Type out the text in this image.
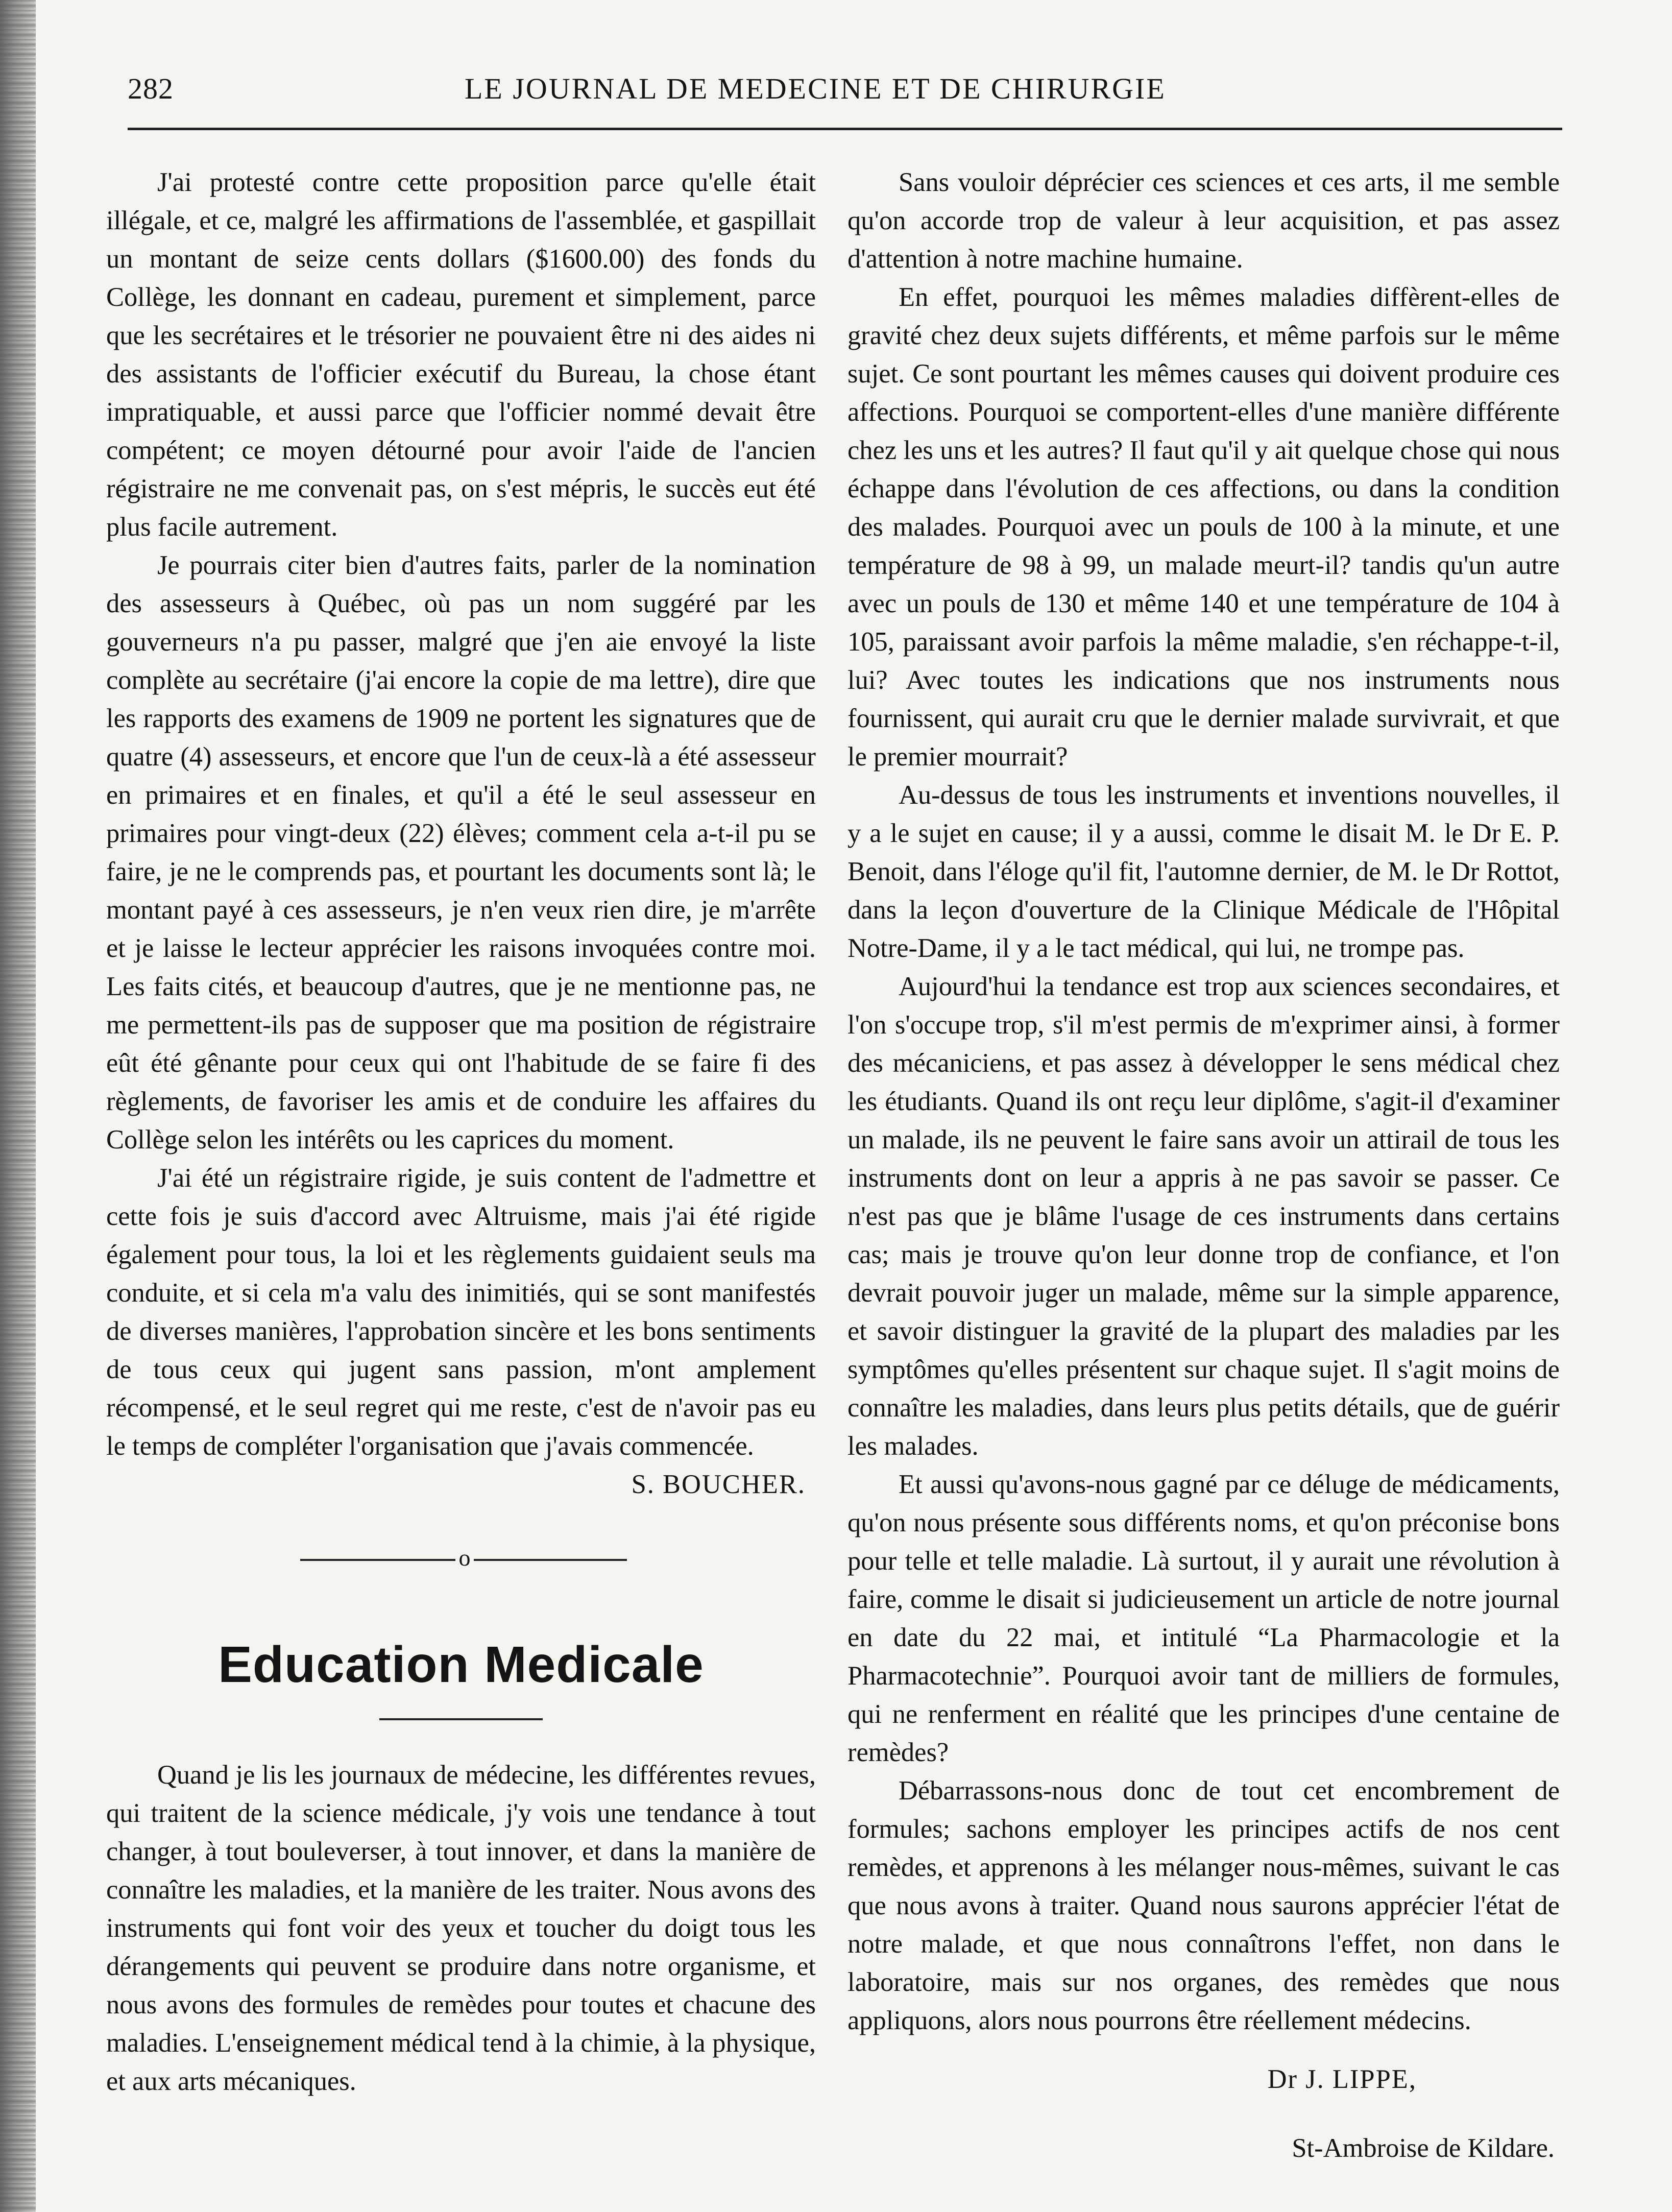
282	LE JOURNAL DE MEDECINE ET DE CHIRURGIE

J'ai protesté contre cette proposition parce qu'elle était illégale, et ce, malgré les affirmations de l'assemblée, et gaspillait un montant de seize cents dollars ($1600.00) des fonds du Collège, les donnant en cadeau, purement et simplement, parce que les secrétaires et le trésorier ne pouvaient être ni des aides ni des assistants de l'officier exécutif du Bureau, la chose étant impratiquable, et aussi parce que l'officier nommé devait être compétent; ce moyen détourné pour avoir l'aide de l'ancien régistraire ne me convenait pas, on s'est mépris, le succès eut été plus facile autrement.

Je pourrais citer bien d'autres faits, parler de la nomination des assesseurs à Québec, où pas un nom suggéré par les gouverneurs n'a pu passer, malgré que j'en aie envoyé la liste complète au secrétaire (j'ai encore la copie de ma lettre), dire que les rapports des examens de 1909 ne portent les signatures que de quatre (4) assesseurs, et encore que l'un de ceux-là a été assesseur en primaires et en finales, et qu'il a été le seul assesseur en primaires pour vingt-deux (22) élèves; comment cela a-t-il pu se faire, je ne le comprends pas, et pourtant les documents sont là; le montant payé à ces assesseurs, je n'en veux rien dire, je m'arrête et je laisse le lecteur apprécier les raisons invoquées contre moi. Les faits cités, et beaucoup d'autres, que je ne mentionne pas, ne me permettent-ils pas de supposer que ma position de régistraire eût été gênante pour ceux qui ont l'habitude de se faire fi des règlements, de favoriser les amis et de conduire les affaires du Collège selon les intérêts ou les caprices du moment.

J'ai été un régistraire rigide, je suis content de l'admettre et cette fois je suis d'accord avec Altruisme, mais j'ai été rigide également pour tous, la loi et les règlements guidaient seuls ma conduite, et si cela m'a valu des inimitiés, qui se sont manifestés de diverses manières, l'approbation sincère et les bons sentiments de tous ceux qui jugent sans passion, m'ont amplement récompensé, et le seul regret qui me reste, c'est de n'avoir pas eu le temps de compléter l'organisation que j'avais commencée.

S. BOUCHER.

o
Education Medicale

Quand je lis les journaux de médecine, les différentes revues, qui traitent de la science médicale, j'y vois une tendance à tout changer, à tout bouleverser, à tout innover, et dans la manière de connaître les maladies, et la manière de les traiter. Nous avons des instruments qui font voir des yeux et toucher du doigt tous les dérangements qui peuvent se produire dans notre organisme, et nous avons des formules de remèdes pour toutes et chacune des maladies. L'enseignement médical tend à la chimie, à la physique, et aux arts mécaniques.

Sans vouloir déprécier ces sciences et ces arts, il me semble qu'on accorde trop de valeur à leur acquisition, et pas assez d'attention à notre machine humaine.

En effet, pourquoi les mêmes maladies diffèrent-elles de gravité chez deux sujets différents, et même parfois sur le même sujet. Ce sont pourtant les mêmes causes qui doivent produire ces affections. Pourquoi se comportent-elles d'une manière différente chez les uns et les autres? Il faut qu'il y ait quelque chose qui nous échappe dans l'évolution de ces affections, ou dans la condition des malades. Pourquoi avec un pouls de 100 à la minute, et une température de 98 à 99, un malade meurt-il? tandis qu'un autre avec un pouls de 130 et même 140 et une température de 104 à 105, paraissant avoir parfois la même maladie, s'en réchappe-t-il, lui? Avec toutes les indications que nos instruments nous fournissent, qui aurait cru que le dernier malade survivrait, et que le premier mourrait?

Au-dessus de tous les instruments et inventions nouvelles, il y a le sujet en cause; il y a aussi, comme le disait M. le Dr E. P. Benoit, dans l'éloge qu'il fit, l'automne dernier, de M. le Dr Rottot, dans la leçon d'ouverture de la Clinique Médicale de l'Hôpital Notre-Dame, il y a le tact médical, qui lui, ne trompe pas.

Aujourd'hui la tendance est trop aux sciences secondaires, et l'on s'occupe trop, s'il m'est permis de m'exprimer ainsi, à former des mécaniciens, et pas assez à développer le sens médical chez les étudiants. Quand ils ont reçu leur diplôme, s'agit-il d'examiner un malade, ils ne peuvent le faire sans avoir un attirail de tous les instruments dont on leur a appris à ne pas savoir se passer. Ce n'est pas que je blâme l'usage de ces instruments dans certains cas; mais je trouve qu'on leur donne trop de confiance, et l'on devrait pouvoir juger un malade, même sur la simple apparence, et savoir distinguer la gravité de la plupart des maladies par les symptômes qu'elles présentent sur chaque sujet. Il s'agit moins de connaître les maladies, dans leurs plus petits détails, que de guérir les malades.

Et aussi qu'avons-nous gagné par ce déluge de médicaments, qu'on nous présente sous différents noms, et qu'on préconise bons pour telle et telle maladie. Là surtout, il y aurait une révolution à faire, comme le disait si judicieusement un article de notre journal en date du 22 mai, et intitulé “La Pharmacologie et la Pharmacotechnie”. Pourquoi avoir tant de milliers de formules, qui ne renferment en réalité que les principes d'une centaine de remèdes?

Débarrassons-nous donc de tout cet encombrement de formules; sachons employer les principes actifs de nos cent remèdes, et apprenons à les mélanger nous-mêmes, suivant le cas que nous avons à traiter. Quand nous saurons apprécier l'état de notre malade, et que nous connaîtrons l'effet, non dans le laboratoire, mais sur nos organes, des remèdes que nous appliquons, alors nous pourrons être réellement médecins.

Dr J. LIPPE,

St-Ambroise de Kildare.
